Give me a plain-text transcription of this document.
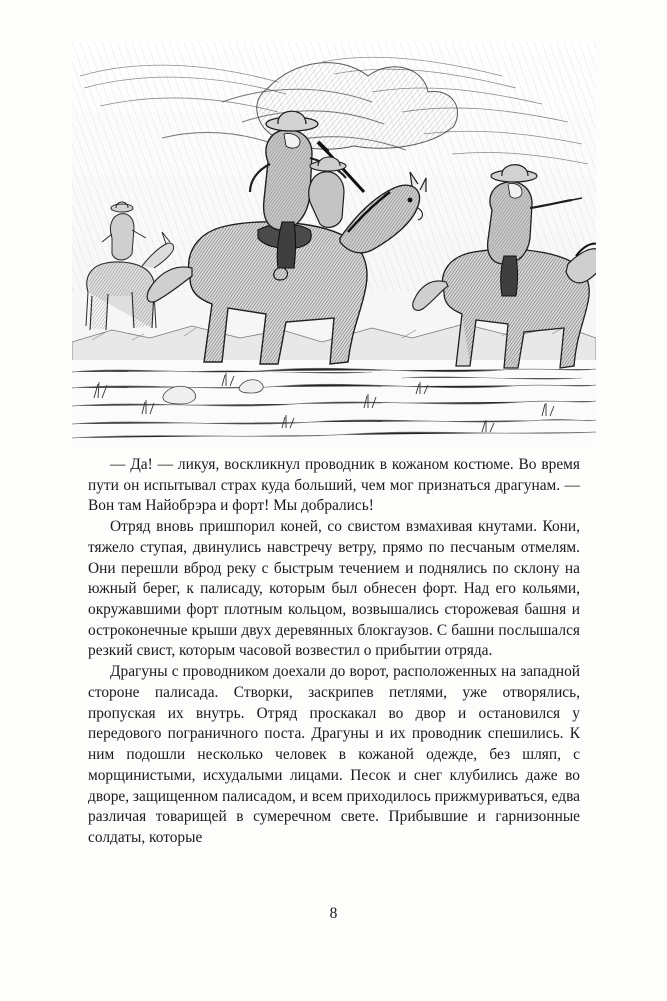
— Да! — ликуя, воскликнул проводник в кожаном костюме. Во время пути он испытывал страх куда больший, чем мог признаться драгунам. — Вон там Найобрэра и форт! Мы добрались!

Отряд вновь пришпорил коней, со свистом взмахивая кнутами. Кони, тяжело ступая, двинулись навстречу ветру, прямо по песчаным отмелям. Они перешли вброд реку с быстрым течением и поднялись по склону на южный берег, к палисаду, которым был обнесен форт. Над его кольями, окружавшими форт плотным кольцом, возвышались сторожевая башня и остроконечные крыши двух деревянных блокгаузов. С башни послышался резкий свист, которым часовой возвестил о прибытии отряда.

Драгуны с проводником доехали до ворот, расположенных на западной стороне палисада. Створки, заскрипев петлями, уже отворялись, пропуская их внутрь. Отряд проскакал во двор и остановился у передового пограничного поста. Драгуны и их проводник спешились. К ним подошли несколько человек в кожаной одежде, без шляп, с морщинистыми, исхудалыми лицами. Песок и снег клубились даже во дворе, защищенном палисадом, и всем приходилось прижмуриваться, едва различая товарищей в сумеречном свете. Прибывшие и гарнизонные солдаты, которые

8
